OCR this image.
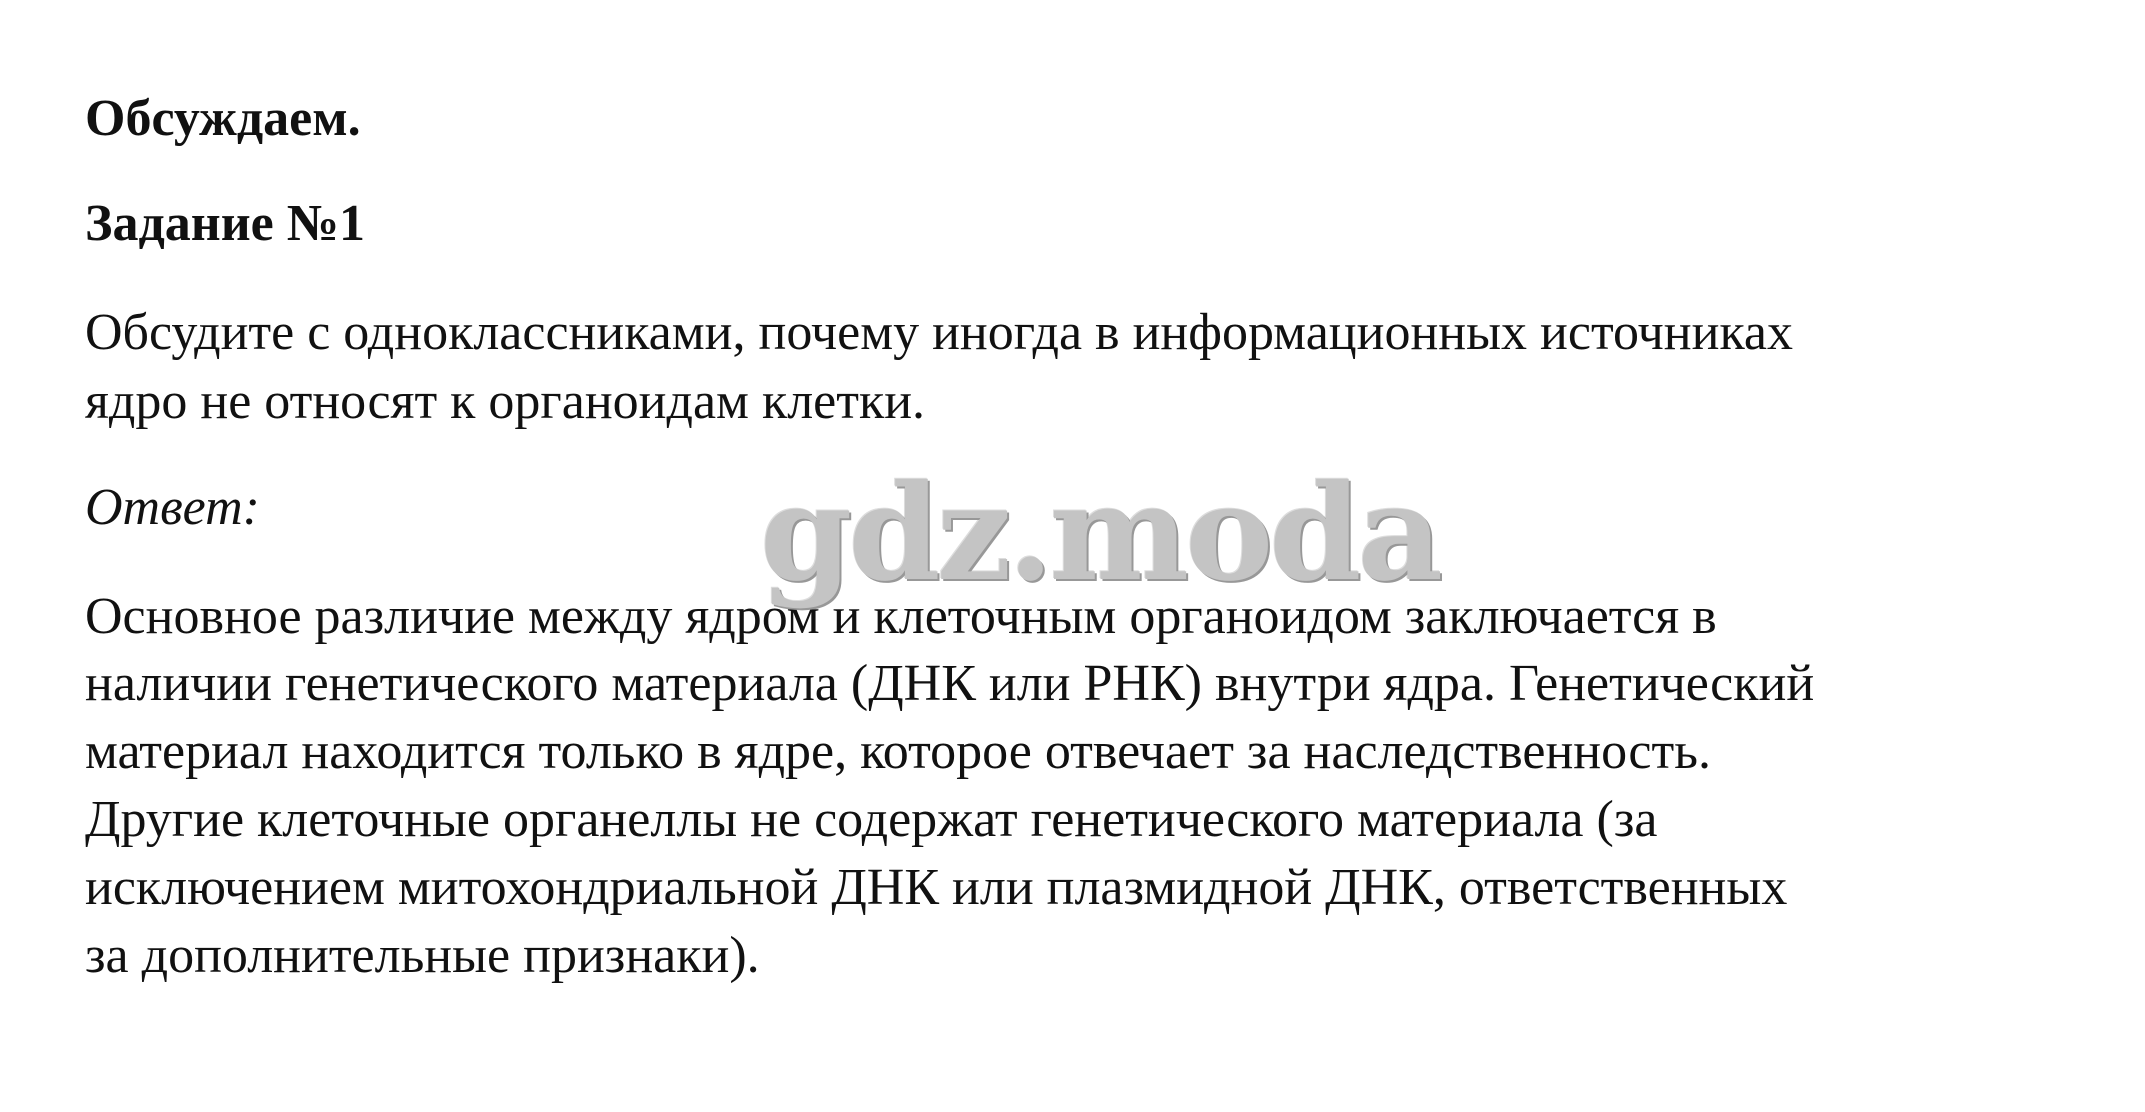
Обсуждаем.
Задание №1
Обсудите с одноклассниками, почему иногда в информационных источниках
ядро не относят к органоидам клетки.
Ответ:
Основное различие между ядром и клеточным органоидом заключается в
наличии генетического материала (ДНК или РНК) внутри ядра. Генетический
материал находится только в ядре, которое отвечает за наследственность.
Другие клеточные органеллы не содержат генетического материала (за
исключением митохондриальной ДНК или плазмидной ДНК, ответственных
за дополнительные признаки).
gdz.moda
